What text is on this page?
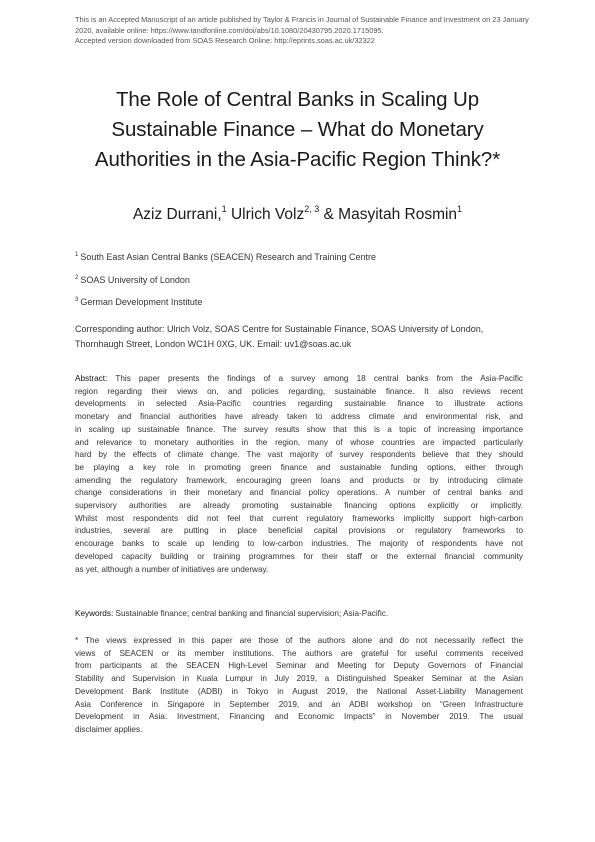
This is an Accepted Manuscript of an article published by Taylor & Francis in Journal of Sustainable Finance and Investment on 23 January
2020, available online: https://www.tandfonline.com/doi/abs/10.1080/20430795.2020.1715095.
Accepted version downloaded from SOAS Research Online: http://eprints.soas.ac.uk/32322
The Role of Central Banks in Scaling Up
Sustainable Finance – What do Monetary
Authorities in the Asia-Pacific Region Think?*
Aziz Durrani,$^1$ Ulrich Volz$^{2, 3}$ & Masyitah Rosmin$^1$
$^1$ South East Asian Central Banks (SEACEN) Research and Training Centre
$^2$ SOAS University of London
$^3$ German Development Institute
Corresponding author: Ulrich Volz, SOAS Centre for Sustainable Finance, SOAS University of London,
Thornhaugh Street, London WC1H 0XG, UK. Email: uv1@soas.ac.uk
Abstract: This paper presents the findings of a survey among 18 central banks from the Asia-Pacific
region regarding their views on, and policies regarding, sustainable finance. It also reviews recent
developments in selected Asia-Pacific countries regarding sustainable finance to illustrate actions
monetary and financial authorities have already taken to address climate and environmental risk, and
in scaling up sustainable finance. The survey results show that this is a topic of increasing importance
and relevance to monetary authorities in the region, many of whose countries are impacted particularly
hard by the effects of climate change. The vast majority of survey respondents believe that they should
be playing a key role in promoting green finance and sustainable funding options, either through
amending the regulatory framework, encouraging green loans and products or by introducing climate
change considerations in their monetary and financial policy operations. A number of central banks and
supervisory authorities are already promoting sustainable financing options explicitly or implicitly.
Whilst most respondents did not feel that current regulatory frameworks implicitly support high-carbon
industries, several are putting in place beneficial capital provisions or regulatory frameworks to
encourage banks to scale up lending to low-carbon industries. The majority of respondents have not
developed capacity building or training programmes for their staff or the external financial community
as yet, although a number of initiatives are underway.
Keywords: Sustainable finance; central banking and financial supervision; Asia-Pacific.
* The views expressed in this paper are those of the authors alone and do not necessarily reflect the
views of SEACEN or its member institutions. The authors are grateful for useful comments received
from participants at the SEACEN High-Level Seminar and Meeting for Deputy Governors of Financial
Stability and Supervision in Kuala Lumpur in July 2019, a Distinguished Speaker Seminar at the Asian
Development Bank Institute (ADBI) in Tokyo in August 2019, the National Asset-Liability Management
Asia Conference in Singapore in September 2019, and an ADBI workshop on “Green Infrastructure
Development in Asia: Investment, Financing and Economic Impacts” in November 2019. The usual
disclaimer applies.
